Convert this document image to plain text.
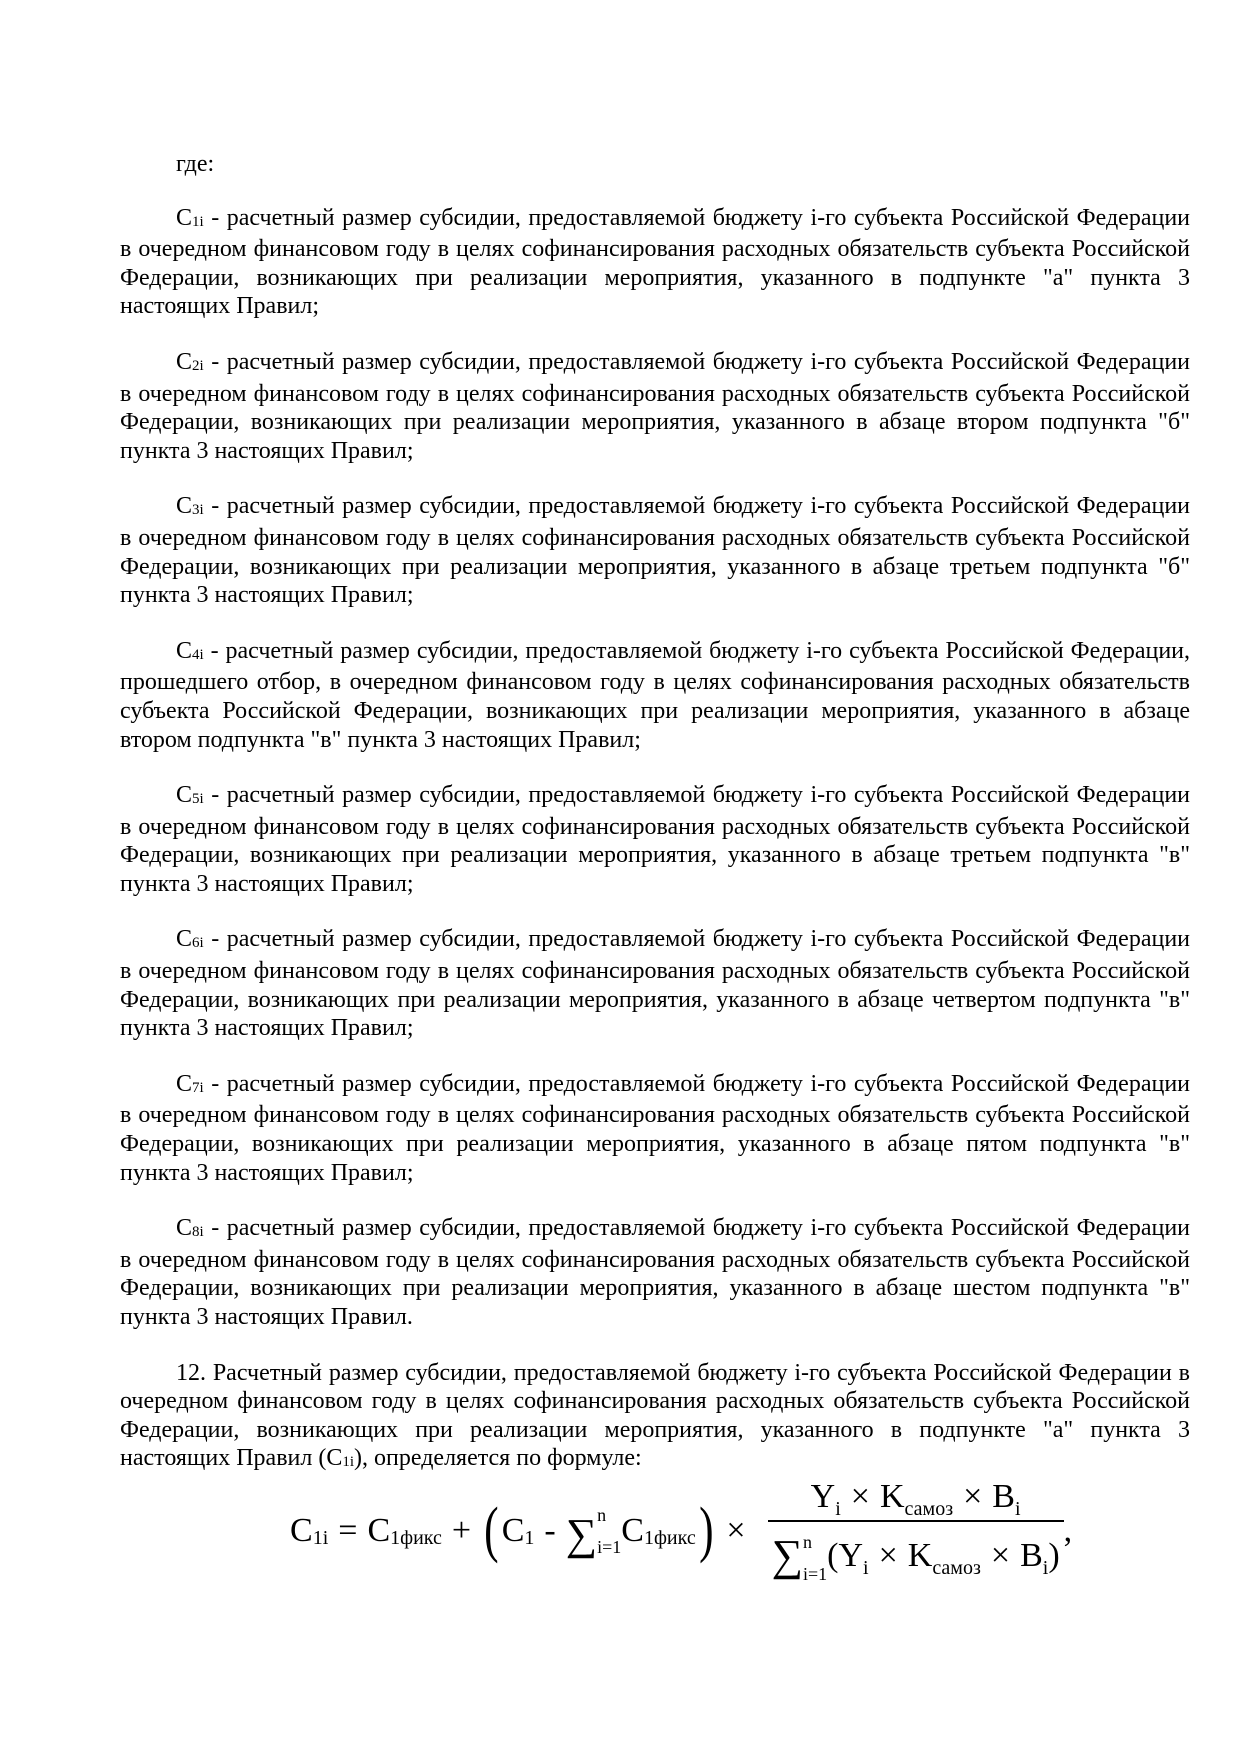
где:

$C_{1i}$ - расчетный размер субсидии, предоставляемой бюджету i-го субъекта Российской Федерации в очередном финансовом году в целях софинансирования расходных обязательств субъекта Российской Федерации, возникающих при реализации мероприятия, указанного в подпункте "а" пункта 3 настоящих Правил;

$C_{2i}$ - расчетный размер субсидии, предоставляемой бюджету i-го субъекта Российской Федерации в очередном финансовом году в целях софинансирования расходных обязательств субъекта Российской Федерации, возникающих при реализации мероприятия, указанного в абзаце втором подпункта "б" пункта 3 настоящих Правил;

$C_{3i}$ - расчетный размер субсидии, предоставляемой бюджету i-го субъекта Российской Федерации в очередном финансовом году в целях софинансирования расходных обязательств субъекта Российской Федерации, возникающих при реализации мероприятия, указанного в абзаце третьем подпункта "б" пункта 3 настоящих Правил;

$C_{4i}$ - расчетный размер субсидии, предоставляемой бюджету i-го субъекта Российской Федерации, прошедшего отбор, в очередном финансовом году в целях софинансирования расходных обязательств субъекта Российской Федерации, возникающих при реализации мероприятия, указанного в абзаце втором подпункта "в" пункта 3 настоящих Правил;

$C_{5i}$ - расчетный размер субсидии, предоставляемой бюджету i-го субъекта Российской Федерации в очередном финансовом году в целях софинансирования расходных обязательств субъекта Российской Федерации, возникающих при реализации мероприятия, указанного в абзаце третьем подпункта "в" пункта 3 настоящих Правил;

$C_{6i}$ - расчетный размер субсидии, предоставляемой бюджету i-го субъекта Российской Федерации в очередном финансовом году в целях софинансирования расходных обязательств субъекта Российской Федерации, возникающих при реализации мероприятия, указанного в абзаце четвертом подпункта "в" пункта 3 настоящих Правил;

$C_{7i}$ - расчетный размер субсидии, предоставляемой бюджету i-го субъекта Российской Федерации в очередном финансовом году в целях софинансирования расходных обязательств субъекта Российской Федерации, возникающих при реализации мероприятия, указанного в абзаце пятом подпункта "в" пункта 3 настоящих Правил;

$C_{8i}$ - расчетный размер субсидии, предоставляемой бюджету i-го субъекта Российской Федерации в очередном финансовом году в целях софинансирования расходных обязательств субъекта Российской Федерации, возникающих при реализации мероприятия, указанного в абзаце шестом подпункта "в" пункта 3 настоящих Правил.

12. Расчетный размер субсидии, предоставляемой бюджету i-го субъекта Российской Федерации в очередном финансовом году в целях софинансирования расходных обязательств субъекта Российской Федерации, возникающих при реализации мероприятия, указанного в подпункте "а" пункта 3 настоящих Правил $(C_{1i})$, определяется по формуле:

C 1i = C 1фикс + ( C 1 - ∑ n
i=1 C 1фикс ) × $Y_i \times K_{самоз} \times B_i$
∑ n
i=1
$(Y_i \times K_{самоз} \times B_i)$ ,
